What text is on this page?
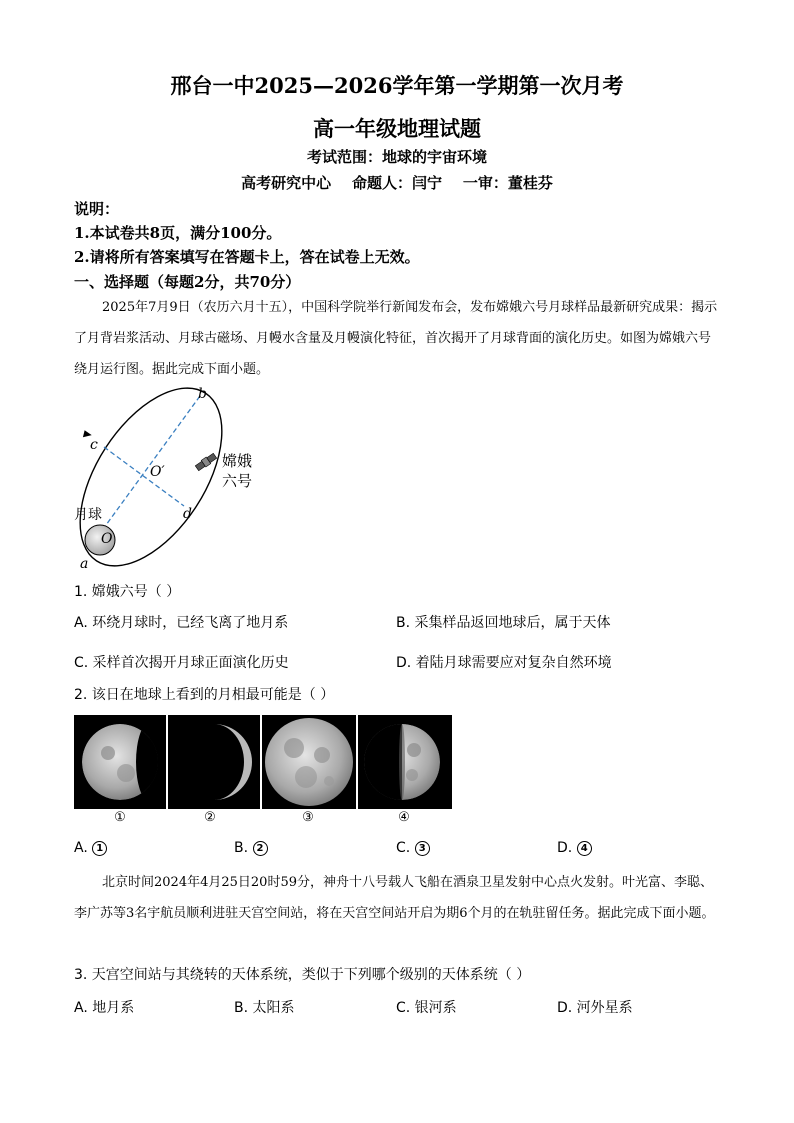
邢台一中2025—2026学年第一学期第一次月考
高一年级地理试题
考试范围：地球的宇宙环境
高考研究中心    命题人：闫宁    一审：董桂芬
说明：
1.本试卷共8页，满分100分。
2.请将所有答案填写在答题卡上，答在试卷上无效。
一、选择题（每题2分，共70分）
2025年7月9日（农历六月十五），中国科学院举行新闻发布会，发布嫦娥六号月球样品最新研究成果：揭示了月背岩浆活动、月球古磁场、月幔水含量及月幔演化特征，首次揭开了月球背面的演化历史。如图为嫦娥六号绕月运行图。据此完成下面小题。
b
c
O′
d
O
a
月球
嫦娥
六号
1. 嫦娥六号（ ）
A. 环绕月球时，已经飞离了地月系	B. 采集样品返回地球后，属于天体
C. 采样首次揭开月球正面演化历史	D. 着陆月球需要应对复杂自然环境
2. 该日在地球上看到的月相最可能是（ ）
①	②	③	④
A. 1	B. 2	C. 3	D. 4
北京时间2024年4月25日20时59分，神舟十八号载人飞船在酒泉卫星发射中心点火发射。叶光富、李聪、李广苏等3名宇航员顺利进驻天宫空间站，将在天宫空间站开启为期6个月的在轨驻留任务。据此完成下面小题。
3. 天宫空间站与其绕转的天体系统，类似于下列哪个级别的天体系统（ ）
A. 地月系	B. 太阳系	C. 银河系	D. 河外星系
